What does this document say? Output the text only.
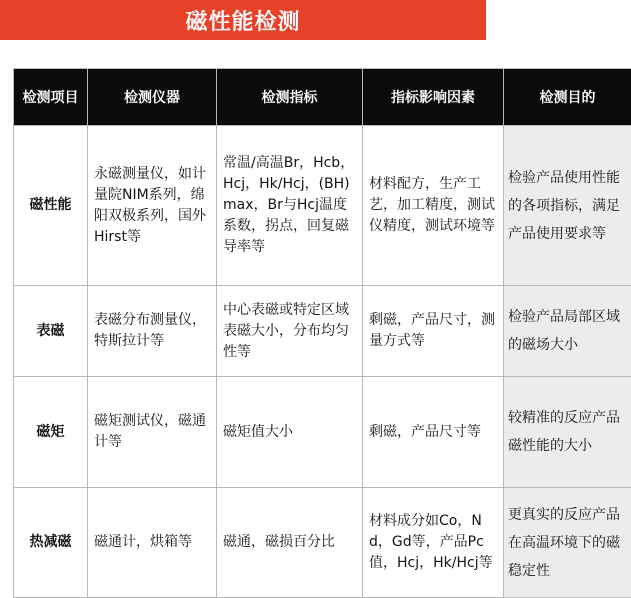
磁性能检测
检测项目	检测仪器	检测指标	指标影响因素	检测目的
磁性能	永磁测量仪，如计量院NIM系列，绵阳双极系列，国外Hirst等	常温/高温Br，Hcb，Hcj，Hk/Hcj，(BH)max，Br与Hcj温度系数，拐点，回复磁导率等	材料配方，生产工艺，加工精度，测试仪精度，测试环境等	检验产品使用性能的各项指标，满足产品使用要求等
表磁	表磁分布测量仪，特斯拉计等	中心表磁或特定区域表磁大小，分布均匀性等	剩磁，产品尺寸，测量方式等	检验产品局部区域的磁场大小
磁矩	磁矩测试仪，磁通计等	磁矩值大小	剩磁，产品尺寸等	较精准的反应产品磁性能的大小
热减磁	磁通计，烘箱等	磁通，磁损百分比	材料成分如Co，Nd，Gd等，产品Pc值，Hcj，Hk/Hcj等	更真实的反应产品在高温环境下的磁稳定性
